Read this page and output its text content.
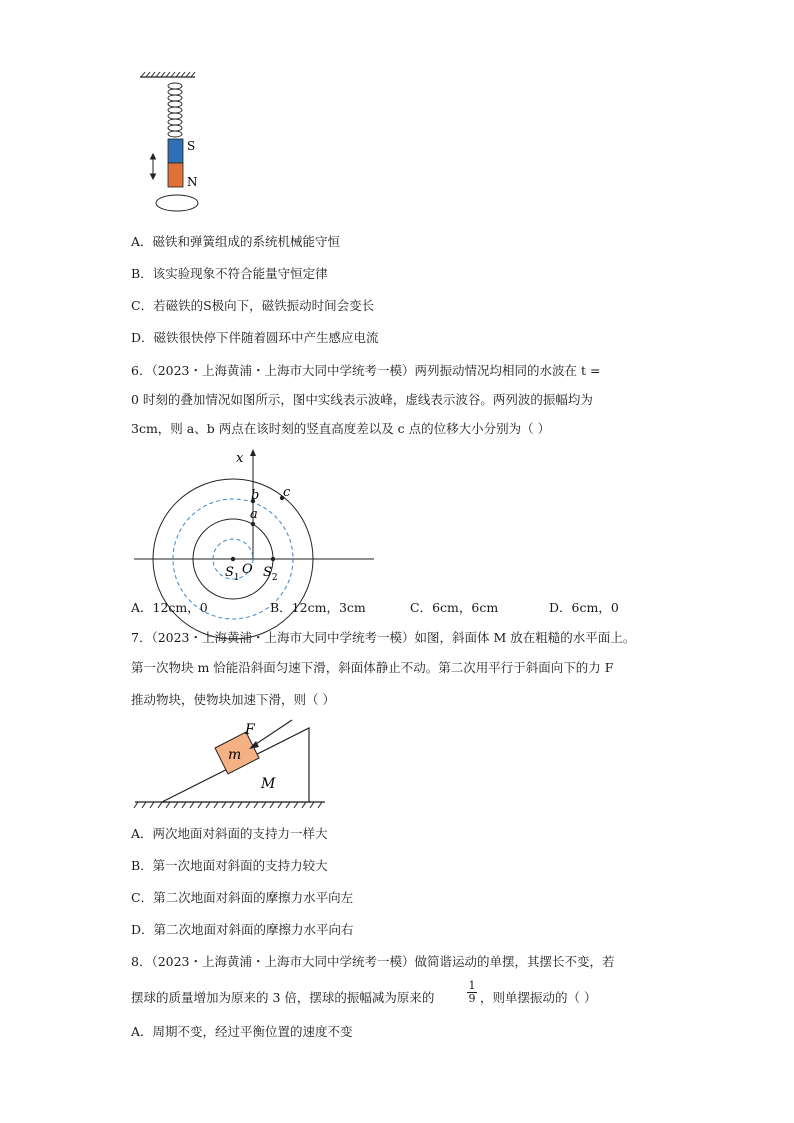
S
N
A．磁铁和弹簧组成的系统机械能守恒
B．该实验现象不符合能量守恒定律
C．若磁铁的S极向下，磁铁振动时间会变长
D．磁铁很快停下伴随着圆环中产生感应电流
6．（2023・上海黄浦・上海市大同中学统考一模）两列振动情况均相同的水波在 t =
0 时刻的叠加情况如图所示，图中实线表示波峰，虚线表示波谷。两列波的振幅均为
3cm，则 a、b 两点在该时刻的竖直高度差以及 c 点的位移大小分别为（ ）
x
a
b c
O
$S_1$ $S_2$
A．12cm，0	B．12cm，3cm	C．6cm，6cm	D．6cm，0
7．（2023・上海黄浦・上海市大同中学统考一模）如图，斜面体 M 放在粗糙的水平面上。
第一次物块 m 恰能沿斜面匀速下滑，斜面体静止不动。第二次用平行于斜面向下的力 F
推动物块，使物块加速下滑，则（ ）
F
m
M
A．两次地面对斜面的支持力一样大
B．第一次地面对斜面的支持力较大
C．第二次地面对斜面的摩擦力水平向左
D．第二次地面对斜面的摩擦力水平向右
8．（2023・上海黄浦・上海市大同中学统考一模）做简谐运动的单摆，其摆长不变，若
摆球的质量增加为原来的 3 倍，摆球的振幅减为原来的	$\frac{1}{9}$ ，则单摆振动的（ ）
A．周期不变，经过平衡位置的速度不变
